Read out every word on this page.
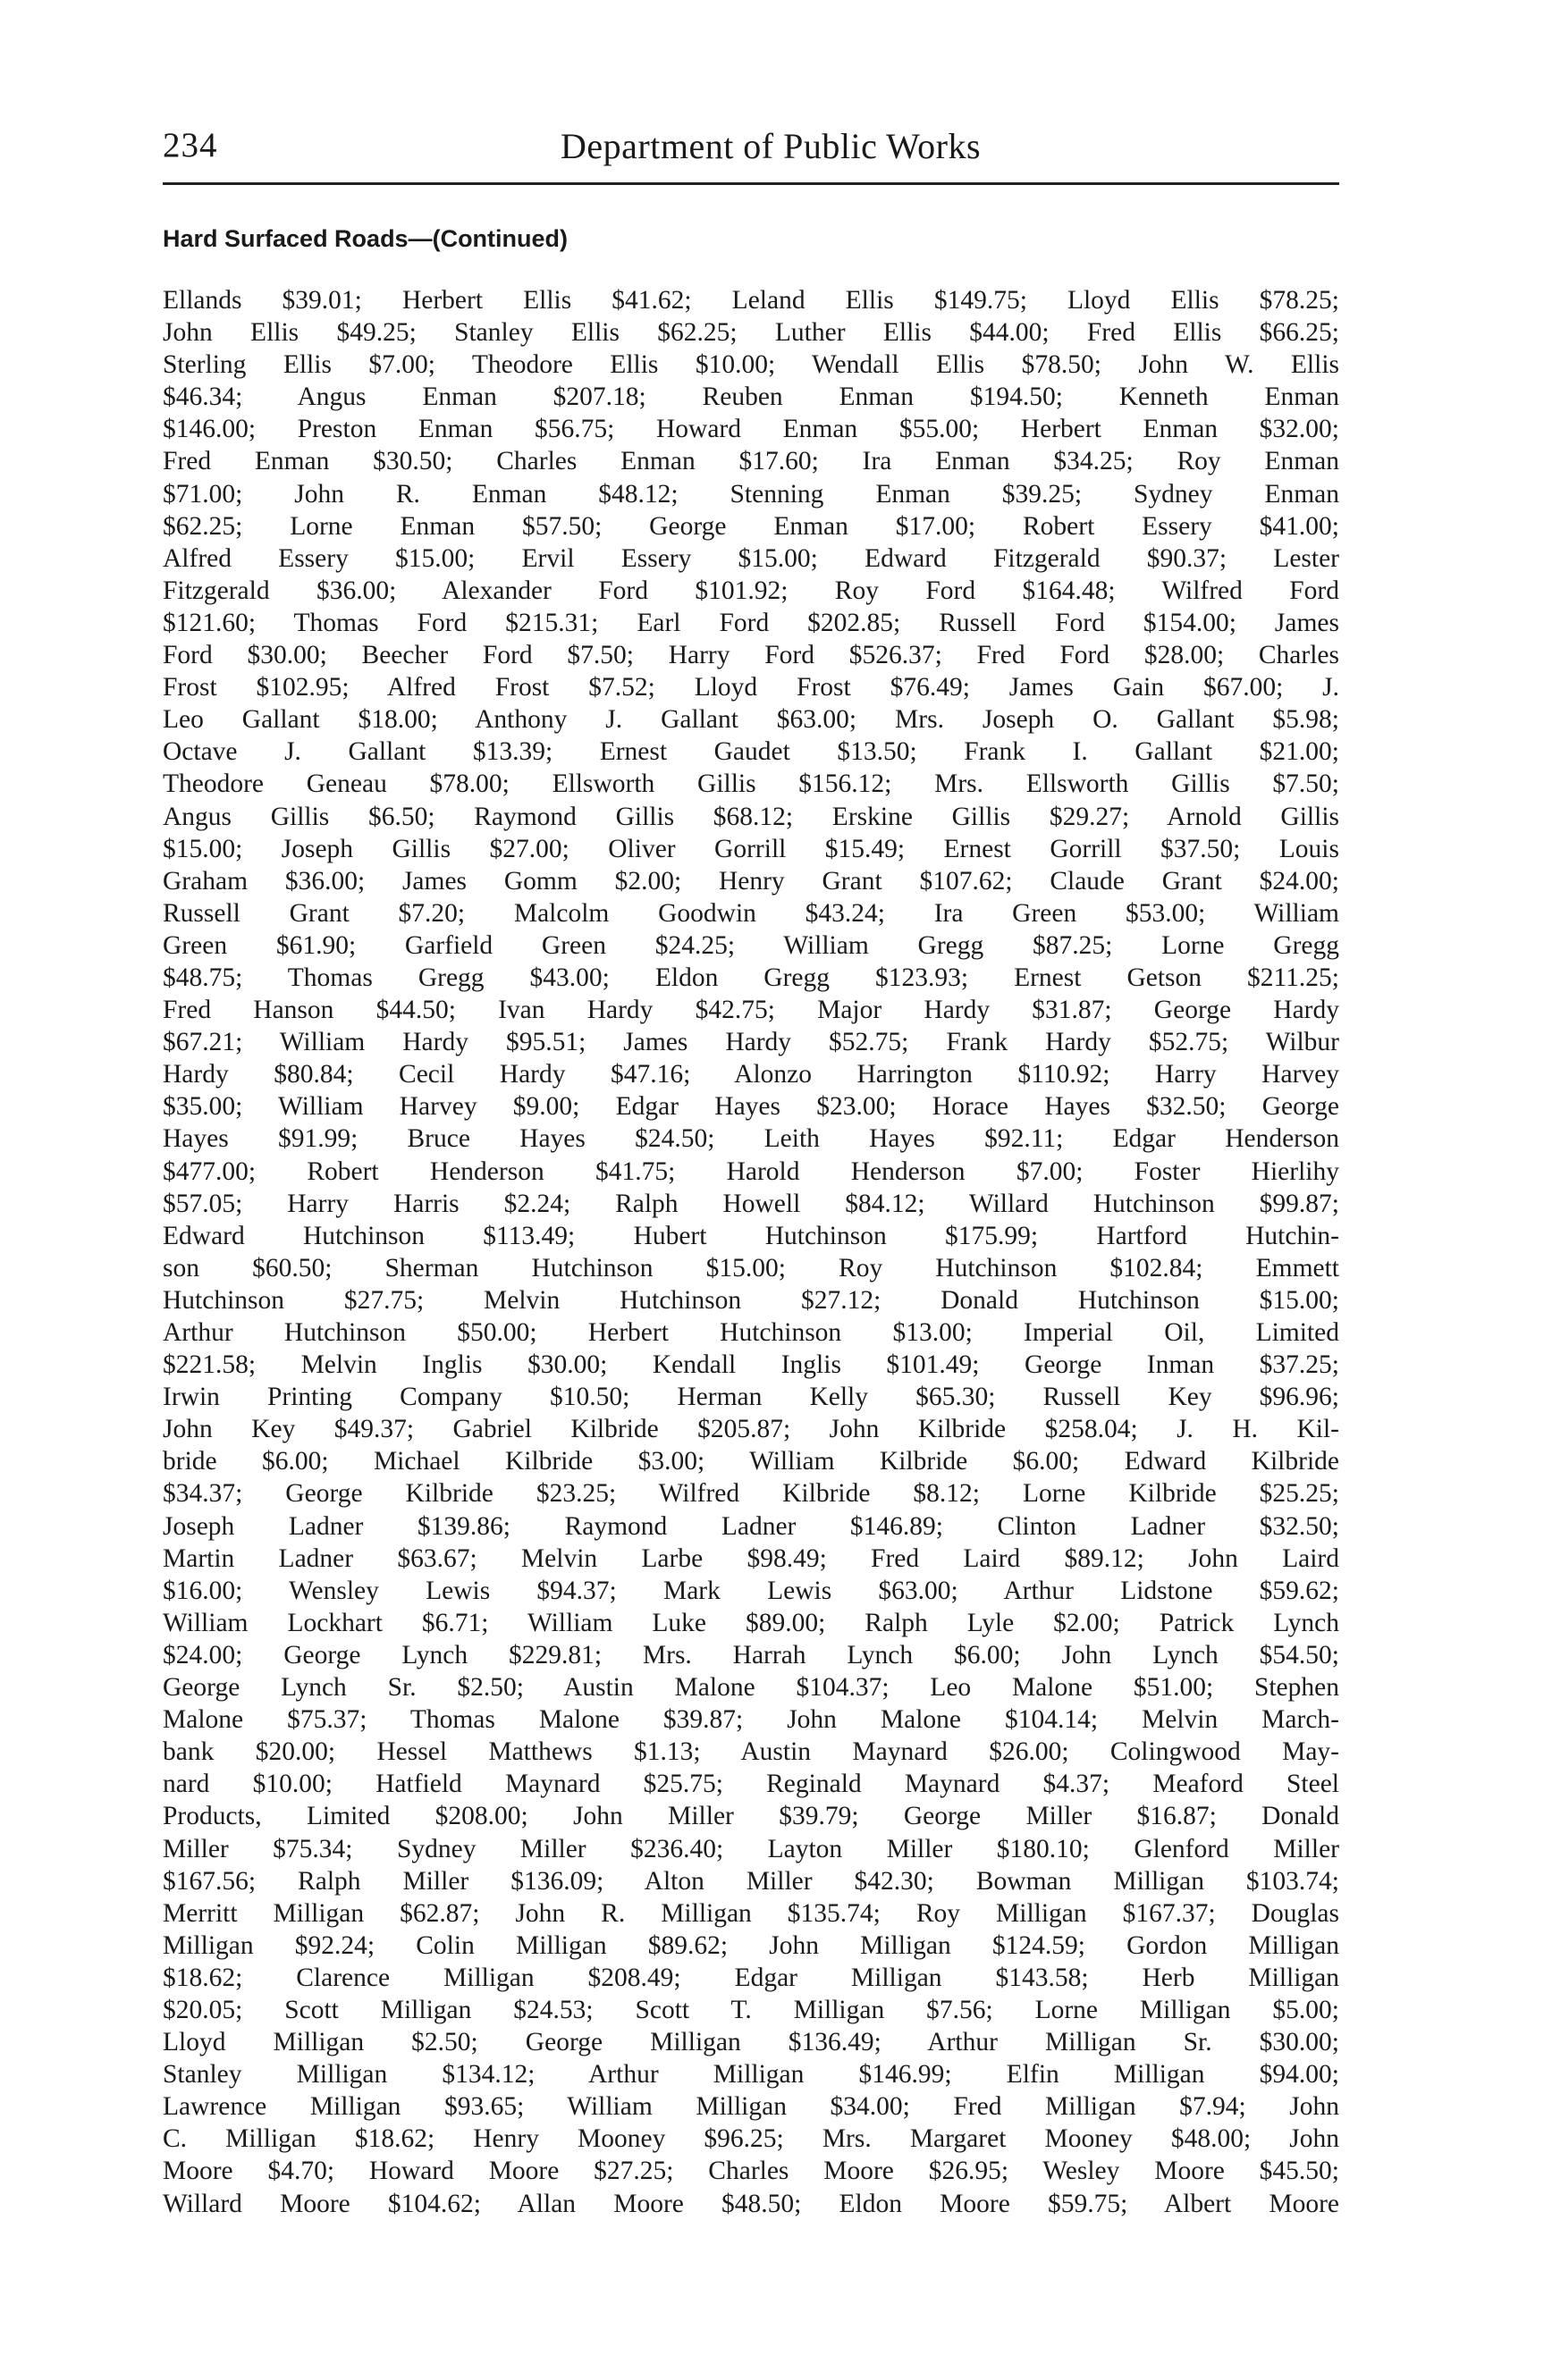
234	Department of Public Works
Hard Surfaced Roads—(Continued)
Ellands $39.01; Herbert Ellis $41.62; Leland Ellis $149.75; Lloyd Ellis $78.25;
John Ellis $49.25; Stanley Ellis $62.25; Luther Ellis $44.00; Fred Ellis $66.25;
Sterling Ellis $7.00; Theodore Ellis $10.00; Wendall Ellis $78.50; John W. Ellis
$46.34; Angus Enman $207.18; Reuben Enman $194.50; Kenneth Enman
$146.00; Preston Enman $56.75; Howard Enman $55.00; Herbert Enman $32.00;
Fred Enman $30.50; Charles Enman $17.60; Ira Enman $34.25; Roy Enman
$71.00; John R. Enman $48.12; Stenning Enman $39.25; Sydney Enman
$62.25; Lorne Enman $57.50; George Enman $17.00; Robert Essery $41.00;
Alfred Essery $15.00; Ervil Essery $15.00; Edward Fitzgerald $90.37; Lester
Fitzgerald $36.00; Alexander Ford $101.92; Roy Ford $164.48; Wilfred Ford
$121.60; Thomas Ford $215.31; Earl Ford $202.85; Russell Ford $154.00; James
Ford $30.00; Beecher Ford $7.50; Harry Ford $526.37; Fred Ford $28.00; Charles
Frost $102.95; Alfred Frost $7.52; Lloyd Frost $76.49; James Gain $67.00; J.
Leo Gallant $18.00; Anthony J. Gallant $63.00; Mrs. Joseph O. Gallant $5.98;
Octave J. Gallant $13.39; Ernest Gaudet $13.50; Frank I. Gallant $21.00;
Theodore Geneau $78.00; Ellsworth Gillis $156.12; Mrs. Ellsworth Gillis $7.50;
Angus Gillis $6.50; Raymond Gillis $68.12; Erskine Gillis $29.27; Arnold Gillis
$15.00; Joseph Gillis $27.00; Oliver Gorrill $15.49; Ernest Gorrill $37.50; Louis
Graham $36.00; James Gomm $2.00; Henry Grant $107.62; Claude Grant $24.00;
Russell Grant $7.20; Malcolm Goodwin $43.24; Ira Green $53.00; William
Green $61.90; Garfield Green $24.25; William Gregg $87.25; Lorne Gregg
$48.75; Thomas Gregg $43.00; Eldon Gregg $123.93; Ernest Getson $211.25;
Fred Hanson $44.50; Ivan Hardy $42.75; Major Hardy $31.87; George Hardy
$67.21; William Hardy $95.51; James Hardy $52.75; Frank Hardy $52.75; Wilbur
Hardy $80.84; Cecil Hardy $47.16; Alonzo Harrington $110.92; Harry Harvey
$35.00; William Harvey $9.00; Edgar Hayes $23.00; Horace Hayes $32.50; George
Hayes $91.99; Bruce Hayes $24.50; Leith Hayes $92.11; Edgar Henderson
$477.00; Robert Henderson $41.75; Harold Henderson $7.00; Foster Hierlihy
$57.05; Harry Harris $2.24; Ralph Howell $84.12; Willard Hutchinson $99.87;
Edward Hutchinson $113.49; Hubert Hutchinson $175.99; Hartford Hutchin-
son $60.50; Sherman Hutchinson $15.00; Roy Hutchinson $102.84; Emmett
Hutchinson $27.75; Melvin Hutchinson $27.12; Donald Hutchinson $15.00;
Arthur Hutchinson $50.00; Herbert Hutchinson $13.00; Imperial Oil, Limited
$221.58; Melvin Inglis $30.00; Kendall Inglis $101.49; George Inman $37.25;
Irwin Printing Company $10.50; Herman Kelly $65.30; Russell Key $96.96;
John Key $49.37; Gabriel Kilbride $205.87; John Kilbride $258.04; J. H. Kil-
bride $6.00; Michael Kilbride $3.00; William Kilbride $6.00; Edward Kilbride
$34.37; George Kilbride $23.25; Wilfred Kilbride $8.12; Lorne Kilbride $25.25;
Joseph Ladner $139.86; Raymond Ladner $146.89; Clinton Ladner $32.50;
Martin Ladner $63.67; Melvin Larbe $98.49; Fred Laird $89.12; John Laird
$16.00; Wensley Lewis $94.37; Mark Lewis $63.00; Arthur Lidstone $59.62;
William Lockhart $6.71; William Luke $89.00; Ralph Lyle $2.00; Patrick Lynch
$24.00; George Lynch $229.81; Mrs. Harrah Lynch $6.00; John Lynch $54.50;
George Lynch Sr. $2.50; Austin Malone $104.37; Leo Malone $51.00; Stephen
Malone $75.37; Thomas Malone $39.87; John Malone $104.14; Melvin March-
bank $20.00; Hessel Matthews $1.13; Austin Maynard $26.00; Colingwood May-
nard $10.00; Hatfield Maynard $25.75; Reginald Maynard $4.37; Meaford Steel
Products, Limited $208.00; John Miller $39.79; George Miller $16.87; Donald
Miller $75.34; Sydney Miller $236.40; Layton Miller $180.10; Glenford Miller
$167.56; Ralph Miller $136.09; Alton Miller $42.30; Bowman Milligan $103.74;
Merritt Milligan $62.87; John R. Milligan $135.74; Roy Milligan $167.37; Douglas
Milligan $92.24; Colin Milligan $89.62; John Milligan $124.59; Gordon Milligan
$18.62; Clarence Milligan $208.49; Edgar Milligan $143.58; Herb Milligan
$20.05; Scott Milligan $24.53; Scott T. Milligan $7.56; Lorne Milligan $5.00;
Lloyd Milligan $2.50; George Milligan $136.49; Arthur Milligan Sr. $30.00;
Stanley Milligan $134.12; Arthur Milligan $146.99; Elfin Milligan $94.00;
Lawrence Milligan $93.65; William Milligan $34.00; Fred Milligan $7.94; John
C. Milligan $18.62; Henry Mooney $96.25; Mrs. Margaret Mooney $48.00; John
Moore $4.70; Howard Moore $27.25; Charles Moore $26.95; Wesley Moore $45.50;
Willard Moore $104.62; Allan Moore $48.50; Eldon Moore $59.75; Albert Moore
